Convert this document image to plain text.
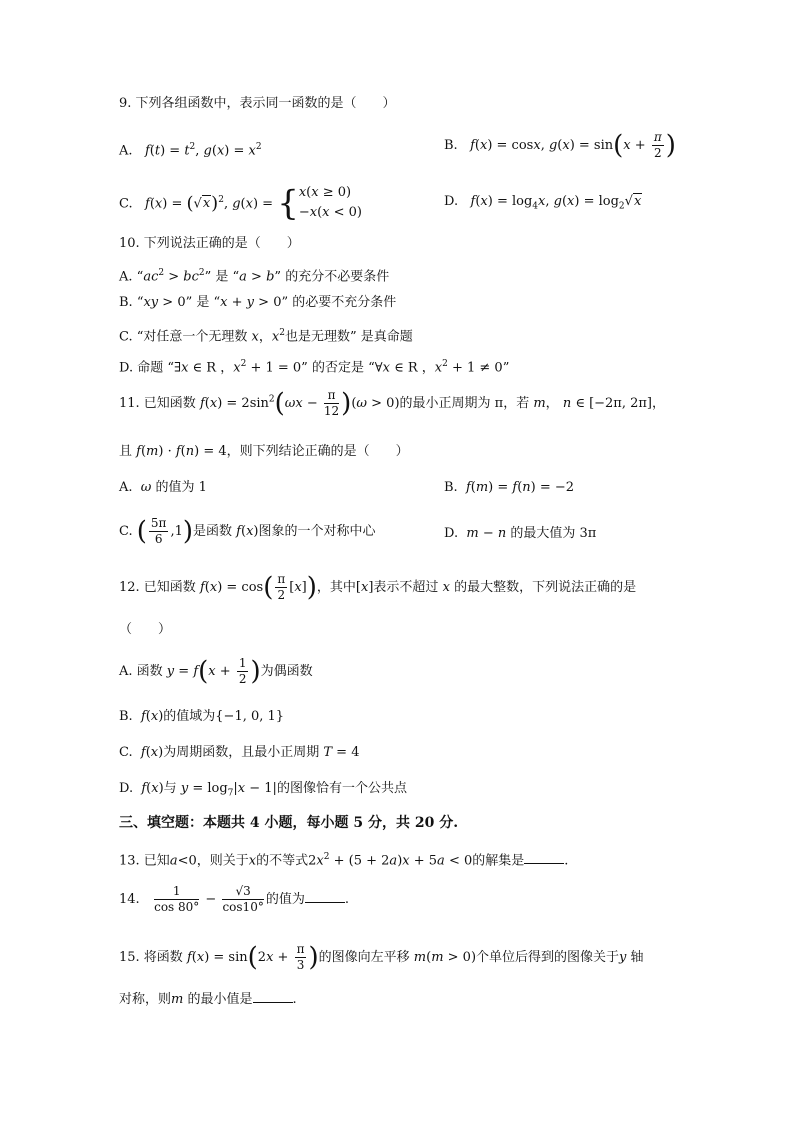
9. 下列各组函数中，表示同一函数的是（　　）
A. $f(t) = t^2$, $g(x) = x^2$	B. f(x) = cosx, $g(x) = \sin(x + \frac{\pi}{2}$ )
C. $f(x) = (√x)^2$, g(x) = {x(x ≥ 0)
−x(x < 0)
D. $f(x) = \log_4x$, $g(x) = \log_2√x$
10. 下列说法正确的是（　　）
A. “$ac^2 > bc^2$” 是 “a > b” 的充分不必要条件
B. “xy > 0” 是 “x + y > 0” 的必要不充分条件
C. “对任意一个无理数 x，$x^2$也是无理数” 是真命题
D. 命题 “∃x ∈ R ，$x^2 + 1 = 0$” 的否定是 “∀x ∈ R ，$x^2 + 1 \ne 0$”
11. 已知函数 $f(x) = 2\sin^2(\omega x - \frac{\pi}{12} )(\omega > 0)$的最小正周期为 π，若 m， n ∈ [−2π, 2π]，
且 f(m) · f(n) = 4，则下列结论正确的是（　　）
A. ω 的值为 1	B. f(m) = f(n) = −2
C. ( $\frac{5\pi}{6} ,1$)是函数 f(x)图象的一个对称中心	D. m − n 的最大值为 3π
12. 已知函数 $f(x) = \cos( \frac{\pi}{2} [x])$，其中[x]表示不超过 x 的最大整数，下列说法正确的是
（　　）
A. 函数 $y = f(x + \frac{1}{2}$ )为偶函数
B. f(x)的值域为{−1, 0, 1}
C. f(x)为周期函数，且最小正周期 T = 4
D. f(x)与 $y = \log_7|x - 1|$的图像恰有一个公共点
三、填空题：本题共 4 小题，每小题 5 分，共 20 分.
13. 已知a<0，则关于x的不等式$2x^2 + (5 + 2a)x + 5a < 0$的解集是	.
14. $\frac{1}{\cos 80^\circ} - \frac{√3}{\cos 10^\circ}$ 的值为	.
15. 将函数 $f(x) = \sin(2x + \frac{\pi}{3}$ )的图像向左平移 m(m > 0)个单位后得到的图像关于y 轴
对称，则m 的最小值是	.
